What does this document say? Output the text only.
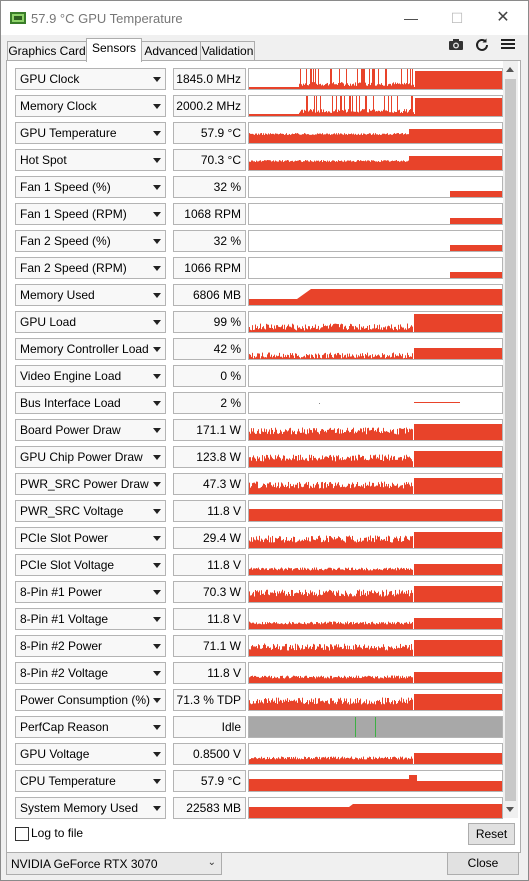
57.9 °C GPU Temperature	— ☐ ✕
Graphics Card Sensors Advanced Validation
GPU Clock	1845.0 MHz
Memory Clock	2000.2 MHz
GPU Temperature	57.9 °C
Hot Spot	70.3 °C
Fan 1 Speed (%)	32 %
Fan 1 Speed (RPM)	1068 RPM
Fan 2 Speed (%)	32 %
Fan 2 Speed (RPM)	1066 RPM
Memory Used	6806 MB
GPU Load	99 %
Memory Controller Load	42 %
Video Engine Load	0 %
Bus Interface Load	2 %
Board Power Draw	171.1 W
GPU Chip Power Draw	123.8 W
PWR_SRC Power Draw	47.3 W
PWR_SRC Voltage	11.8 V
PCIe Slot Power	29.4 W
PCIe Slot Voltage	11.8 V
8-Pin #1 Power	70.3 W
8-Pin #1 Voltage	11.8 V
8-Pin #2 Power	71.1 W
8-Pin #2 Voltage	11.8 V
Power Consumption (%) 71.3 % TDP
PerfCap Reason	Idle
GPU Voltage	0.8500 V
CPU Temperature	57.9 °C
System Memory Used	22583 MB
Log to file	Reset
NVIDIA GeForce RTX 3070	⌄	Close
